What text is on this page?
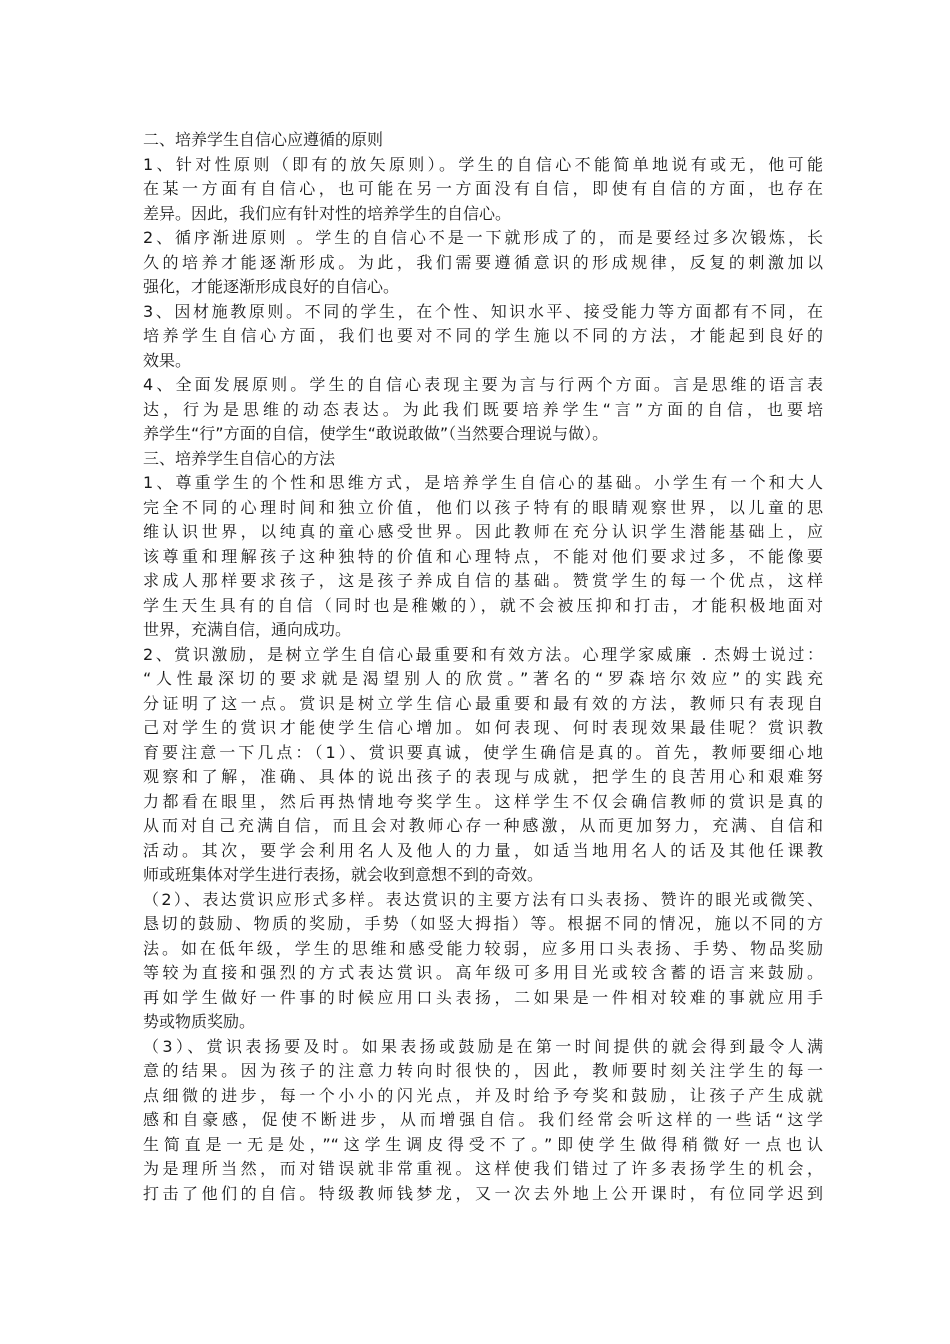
二、培养学生自信心应遵循的原则
1、针对性原则（即有的放矢原则）。学生的自信心不能简单地说有或无，他可能
在某一方面有自信心，也可能在另一方面没有自信，即使有自信的方面，也存在
差异。因此，我们应有针对性的培养学生的自信心。
2、循序渐进原则 。学生的自信心不是一下就形成了的，而是要经过多次锻炼，长
久的培养才能逐渐形成。为此，我们需要遵循意识的形成规律，反复的刺激加以
强化，才能逐渐形成良好的自信心。
3、因材施教原则。不同的学生，在个性、知识水平、接受能力等方面都有不同，在
培养学生自信心方面，我们也要对不同的学生施以不同的方法，才能起到良好的
效果。
4、全面发展原则。学生的自信心表现主要为言与行两个方面。言是思维的语言表
达，行为是思维的动态表达。为此我们既要培养学生“言”方面的自信，也要培
养学生“行”方面的自信，使学生“敢说敢做”（当然要合理说与做）。
三、培养学生自信心的方法
1、尊重学生的个性和思维方式，是培养学生自信心的基础。小学生有一个和大人
完全不同的心理时间和独立价值，他们以孩子特有的眼睛观察世界，以儿童的思
维认识世界，以纯真的童心感受世界。因此教师在充分认识学生潜能基础上，应
该尊重和理解孩子这种独特的价值和心理特点，不能对他们要求过多，不能像要
求成人那样要求孩子，这是孩子养成自信的基础。赞赏学生的每一个优点，这样
学生天生具有的自信（同时也是稚嫩的），就不会被压抑和打击，才能积极地面对
世界，充满自信，通向成功。
2、赏识激励，是树立学生自信心最重要和有效方法。心理学家威廉 . 杰姆士说过：
“人性最深切的要求就是渴望别人的欣赏。”著名的“罗森培尔效应”的实践充
分证明了这一点。赏识是树立学生信心最重要和最有效的方法，教师只有表现自
己对学生的赏识才能使学生信心增加。如何表现、何时表现效果最佳呢？赏识教
育要注意一下几点：（1）、赏识要真诚，使学生确信是真的。首先，教师要细心地
观察和了解，准确、具体的说出孩子的表现与成就，把学生的良苦用心和艰难努
力都看在眼里，然后再热情地夸奖学生。这样学生不仅会确信教师的赏识是真的
从而对自己充满自信，而且会对教师心存一种感激，从而更加努力，充满、自信和
活动。其次，要学会利用名人及他人的力量，如适当地用名人的话及其他任课教
师或班集体对学生进行表扬，就会收到意想不到的奇效。
（2）、表达赏识应形式多样。表达赏识的主要方法有口头表扬、赞许的眼光或微笑、
恳切的鼓励、物质的奖励，手势（如竖大拇指）等。根据不同的情况，施以不同的方
法。如在低年级，学生的思维和感受能力较弱，应多用口头表扬、手势、物品奖励
等较为直接和强烈的方式表达赏识。高年级可多用目光或较含蓄的语言来鼓励。
再如学生做好一件事的时候应用口头表扬，二如果是一件相对较难的事就应用手
势或物质奖励。
（3）、赏识表扬要及时。如果表扬或鼓励是在第一时间提供的就会得到最令人满
意的结果。因为孩子的注意力转向时很快的，因此，教师要时刻关注学生的每一
点细微的进步，每一个小小的闪光点，并及时给予夸奖和鼓励，让孩子产生成就
感和自豪感，促使不断进步，从而增强自信。我们经常会听这样的一些话“这学
生简直是一无是处，”“这学生调皮得受不了。”即使学生做得稍微好一点也认
为是理所当然，而对错误就非常重视。这样使我们错过了许多表扬学生的机会，
打击了他们的自信。特级教师钱梦龙，又一次去外地上公开课时，有位同学迟到
